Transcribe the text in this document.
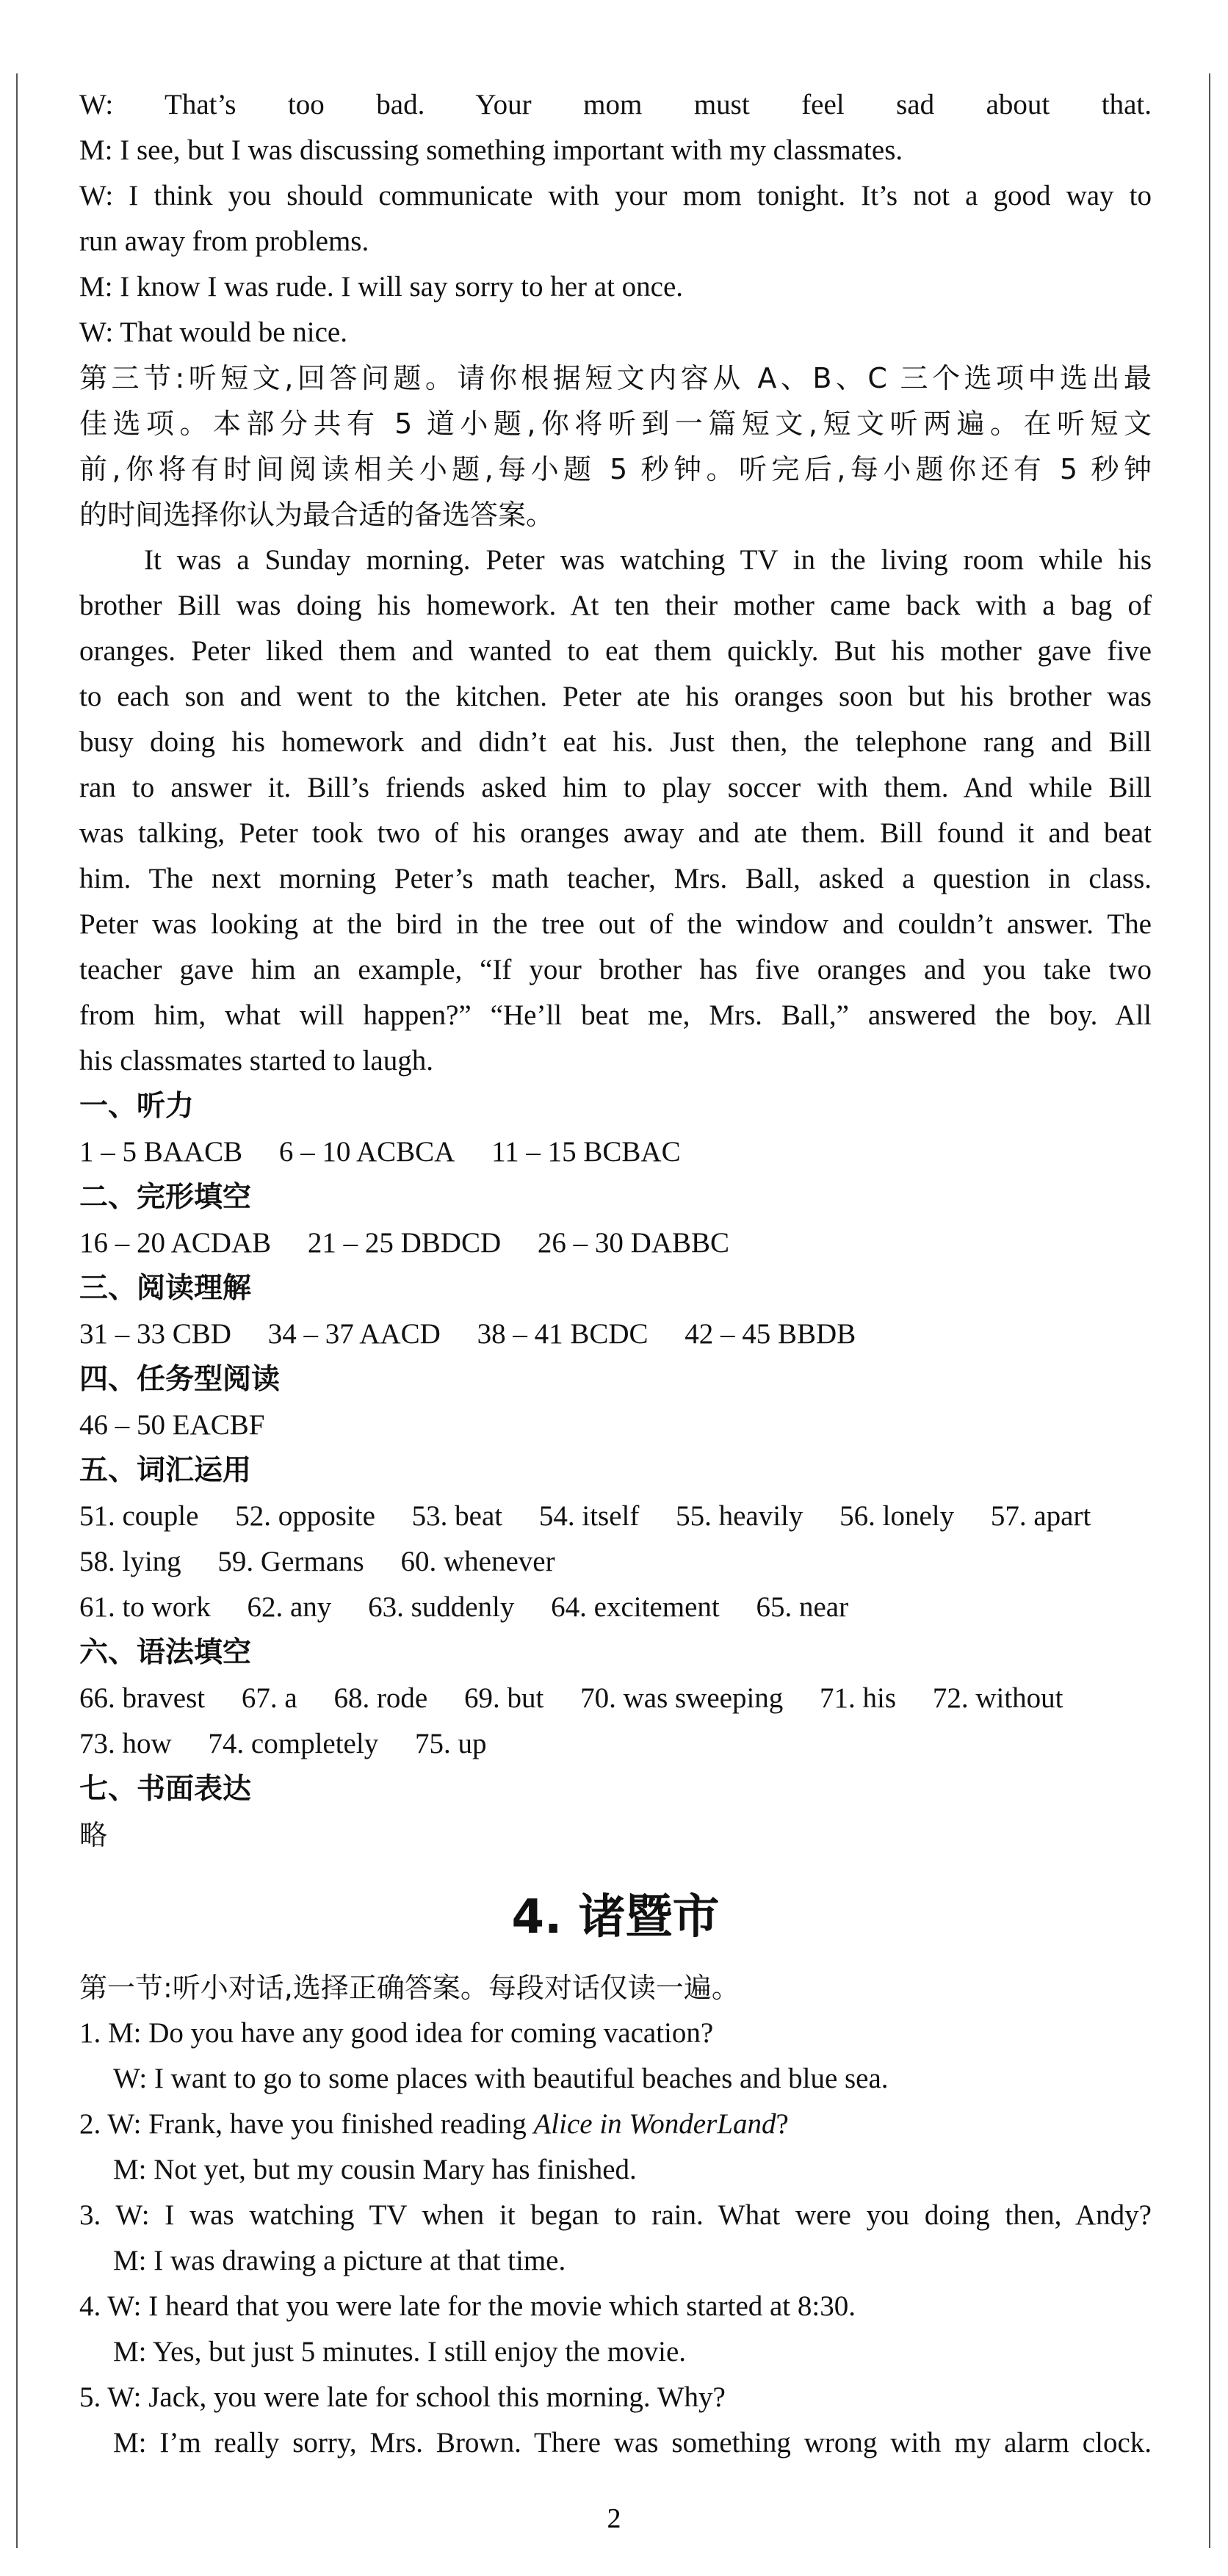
W: That’s too bad. Your mom must feel sad about that.
M: I see, but I was discussing something important with my classmates.
W: I think you should communicate with your mom tonight. It’s not a good way to
run away from problems.
M: I know I was rude. I will say sorry to her at once.
W: That would be nice.
第三节:听短文,回答问题。请你根据短文内容从 A、B、C 三个选项中选出最
佳选项。本部分共有 5 道小题,你将听到一篇短文,短文听两遍。在听短文
前,你将有时间阅读相关小题,每小题 5 秒钟。听完后,每小题你还有 5 秒钟
的时间选择你认为最合适的备选答案。
It was a Sunday morning. Peter was watching TV in the living room while his
brother Bill was doing his homework. At ten their mother came back with a bag of
oranges. Peter liked them and wanted to eat them quickly. But his mother gave five
to each son and went to the kitchen. Peter ate his oranges soon but his brother was
busy doing his homework and didn’t eat his. Just then, the telephone rang and Bill
ran to answer it. Bill’s friends asked him to play soccer with them. And while Bill
was talking, Peter took two of his oranges away and ate them. Bill found it and beat
him. The next morning Peter’s math teacher, Mrs. Ball, asked a question in class.
Peter was looking at the bird in the tree out of the window and couldn’t answer. The
teacher gave him an example, “If your brother has five oranges and you take two
from him, what will happen?” “He’ll beat me, Mrs. Ball,” answered the boy. All
his classmates started to laugh.
一、听力
1 – 5 BAACB 6 – 10 ACBCA 11 – 15 BCBAC
二、完形填空
16 – 20 ACDAB 21 – 25 DBDCD 26 – 30 DABBC
三、阅读理解
31 – 33 CBD 34 – 37 AACD 38 – 41 BCDC 42 – 45 BBDB
四、任务型阅读
46 – 50 EACBF
五、词汇运用
51. couple 52. opposite 53. beat 54. itself 55. heavily 56. lonely 57. apart
58. lying 59. Germans 60. whenever
61. to work 62. any 63. suddenly 64. excitement 65. near
六、语法填空
66. bravest 67. a 68. rode 69. but 70. was sweeping 71. his 72. without
73. how 74. completely 75. up
七、书面表达
略
4. 诸暨市
第一节:听小对话,选择正确答案。每段对话仅读一遍。
1. M: Do you have any good idea for coming vacation?
W: I want to go to some places with beautiful beaches and blue sea.
2. W: Frank, have you finished reading Alice in WonderLand?
M: Not yet, but my cousin Mary has finished.
3. W: I was watching TV when it began to rain. What were you doing then, Andy?
M: I was drawing a picture at that time.
4. W: I heard that you were late for the movie which started at 8:30.
M: Yes, but just 5 minutes. I still enjoy the movie.
5. W: Jack, you were late for school this morning. Why?
M: I’m really sorry, Mrs. Brown. There was something wrong with my alarm clock.
2
